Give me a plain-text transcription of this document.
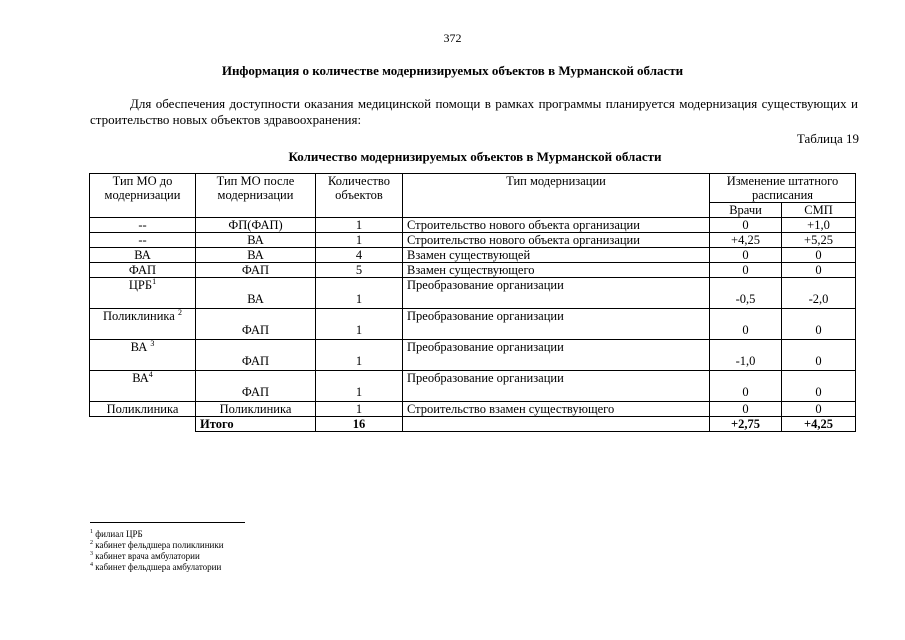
372
Информация о количестве модернизируемых объектов в Мурманской области
Для обеспечения доступности оказания медицинской помощи в рамках программы планируется модернизация существующих и строительство новых объектов здравоохранения:
Таблица 19
Количество модернизируемых объектов в Мурманской области
Тип МО до модернизации	Тип МО после модернизации	Количество объектов	Тип модернизации	Изменение штатного расписания	
				Врачи	СМП
--	ФП(ФАП)	1	Строительство нового объекта организации	0	+1,0
--	ВА	1	Строительство нового объекта организации	+4,25	+5,25
ВА	ВА	4	Взамен существующей	0	0
ФАП	ФАП	5	Взамен существующего	0	0
ЦРБ$^1$	ВА	1	Преобразование организации	-0,5	-2,0
Поликлиника $^2$	ФАП	1	Преобразование организации	0	0
ВА $^3$	ФАП	1	Преобразование организации	-1,0	0
$ВА^4$	ФАП	1	Преобразование организации	0	0
Поликлиника	Поликлиника	1	Строительство взамен существующего	0	0
	Итого	16		+2,75	+4,25
$^1$ филиал ЦРБ
$^2$ кабинет фельдшера поликлиники
$^3$ кабинет врача амбулатории
$^4$ кабинет фельдшера амбулатории
